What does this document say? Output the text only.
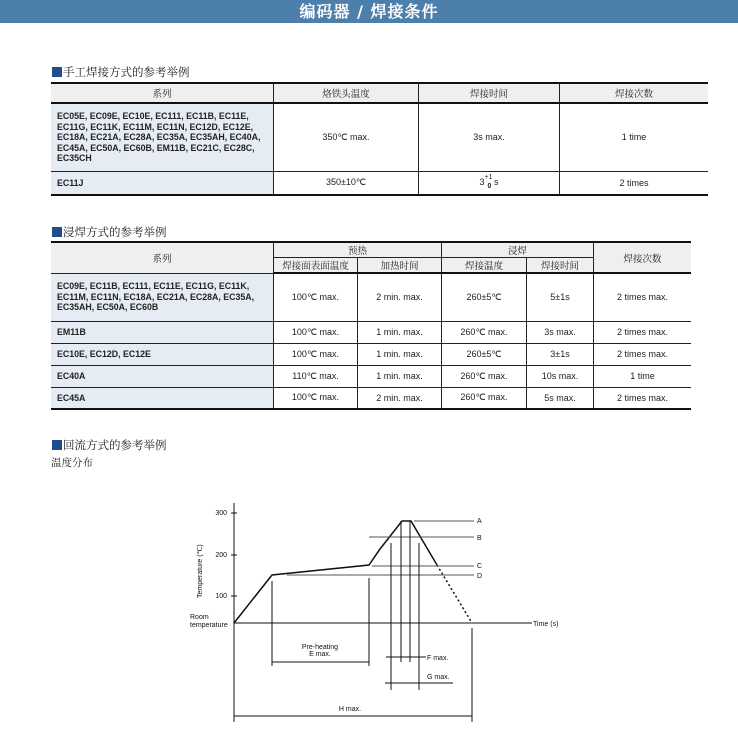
编码器 / 焊接条件
手工焊接方式的参考举例
系列	烙铁头温度	焊接时间	焊接次数
EC05E, EC09E, EC10E, EC111, EC11B, EC11E, EC11G, EC11K, EC11M, EC11N, EC12D, EC12E, EC18A, EC21A, EC28A, EC35A, EC35AH, EC40A, EC45A, EC50A, EC60B, EM11B, EC21C, EC28C, EC35CH	350℃ max.	3s max.	1 time
EC11J	350±10℃	$3^{+1}_0$ s	2 times
浸焊方式的参考举例
系列	预热		浸焊		焊接次数
	焊接面表面温度	加热时间	焊接温度	焊接时间	
EC09E, EC11B, EC111, EC11E, EC11G, EC11K, EC11M, EC11N, EC18A, EC21A, EC28A, EC35A, EC35AH, EC50A, EC60B	100℃ max.	2 min. max.	260±5℃	5±1s	2 times max.
EM11B	100℃ max.	1 min. max.	260℃ max.	3s max.	2 times max.
EC10E, EC12D, EC12E	100℃ max.	1 min. max.	260±5℃	3±1s	2 times max.
EC40A	110℃ max.	1 min. max.	260℃ max.	10s max.	1 time
EC45A	100℃ max.	2 min. max.	260℃ max.	5s max.	2 times max.
回流方式的参考举例
温度分布
300
200
100
Temperature (℃)
Room
temperature	Time (s)
A
B
C
D
Pre-heating
E max.
F max.
G max.
H max.
